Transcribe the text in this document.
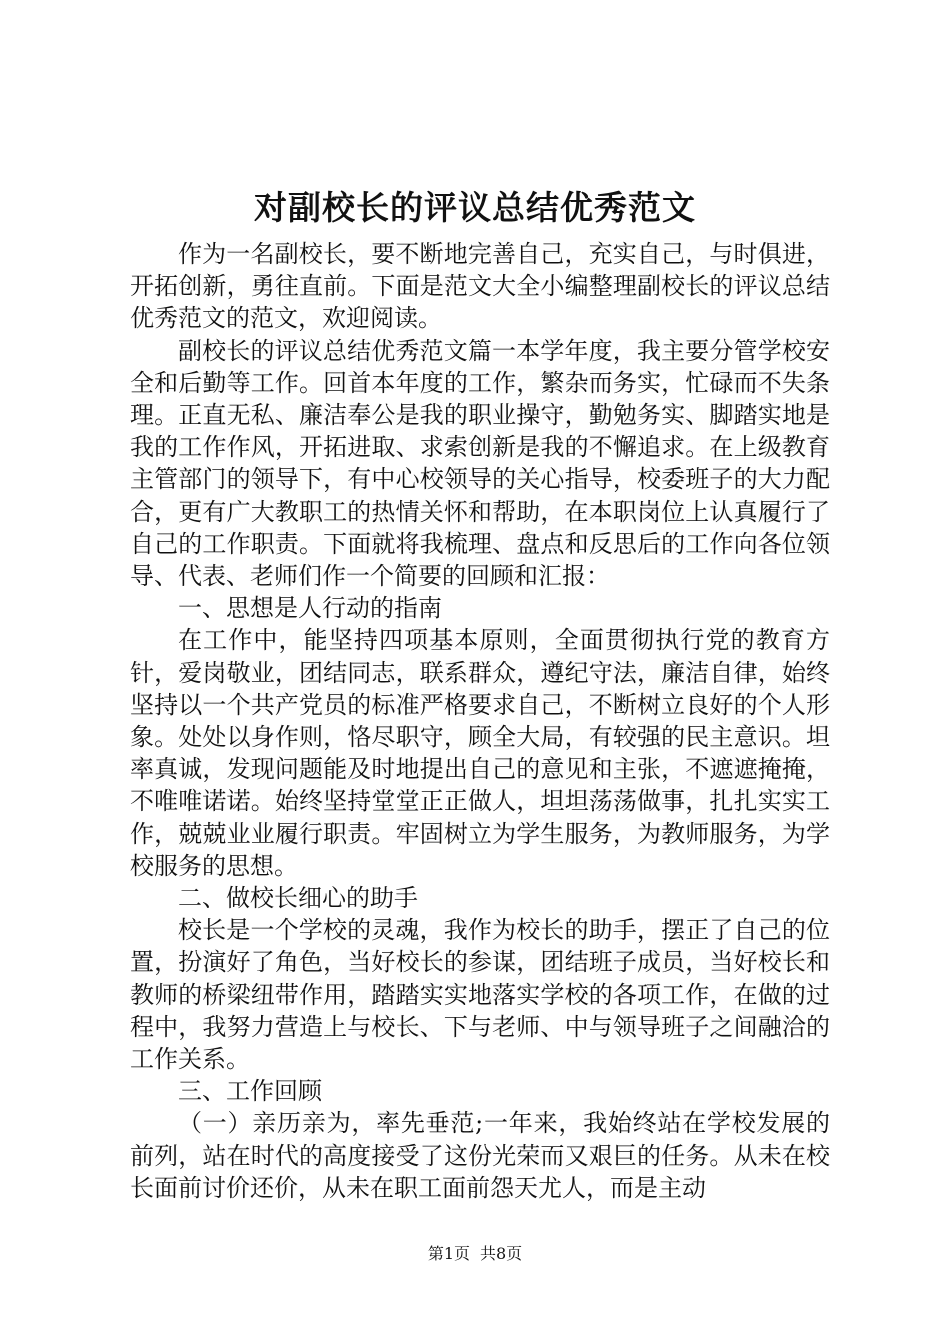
对副校长的评议总结优秀范文

作为一名副校长，要不断地完善自己，充实自己，与时俱进，开拓创新，勇往直前。下面是范文大全小编整理副校长的评议总结优秀范文的范文，欢迎阅读。

副校长的评议总结优秀范文篇一本学年度，我主要分管学校安全和后勤等工作。回首本年度的工作，繁杂而务实，忙碌而不失条理。正直无私、廉洁奉公是我的职业操守，勤勉务实、脚踏实地是我的工作作风，开拓进取、求索创新是我的不懈追求。在上级教育主管部门的领导下，有中心校领导的关心指导，校委班子的大力配合，更有广大教职工的热情关怀和帮助，在本职岗位上认真履行了自己的工作职责。下面就将我梳理、盘点和反思后的工作向各位领导、代表、老师们作一个简要的回顾和汇报：

一、思想是人行动的指南

在工作中，能坚持四项基本原则，全面贯彻执行党的教育方针，爱岗敬业，团结同志，联系群众，遵纪守法，廉洁自律，始终坚持以一个共产党员的标准严格要求自己，不断树立良好的个人形象。处处以身作则，恪尽职守，顾全大局，有较强的民主意识。坦率真诚，发现问题能及时地提出自己的意见和主张，不遮遮掩掩，不唯唯诺诺。始终坚持堂堂正正做人，坦坦荡荡做事，扎扎实实工作，兢兢业业履行职责。牢固树立为学生服务，为教师服务，为学校服务的思想。

二、做校长细心的助手

校长是一个学校的灵魂，我作为校长的助手，摆正了自己的位置，扮演好了角色，当好校长的参谋，团结班子成员，当好校长和教师的桥梁纽带作用，踏踏实实地落实学校的各项工作，在做的过程中，我努力营造上与校长、下与老师、中与领导班子之间融洽的工作关系。

三、工作回顾

（一）亲历亲为，率先垂范;一年来，我始终站在学校发展的前列，站在时代的高度接受了这份光荣而又艰巨的任务。从未在校长面前讨价还价，从未在职工面前怨天尤人，而是主动

第1页 共8页
